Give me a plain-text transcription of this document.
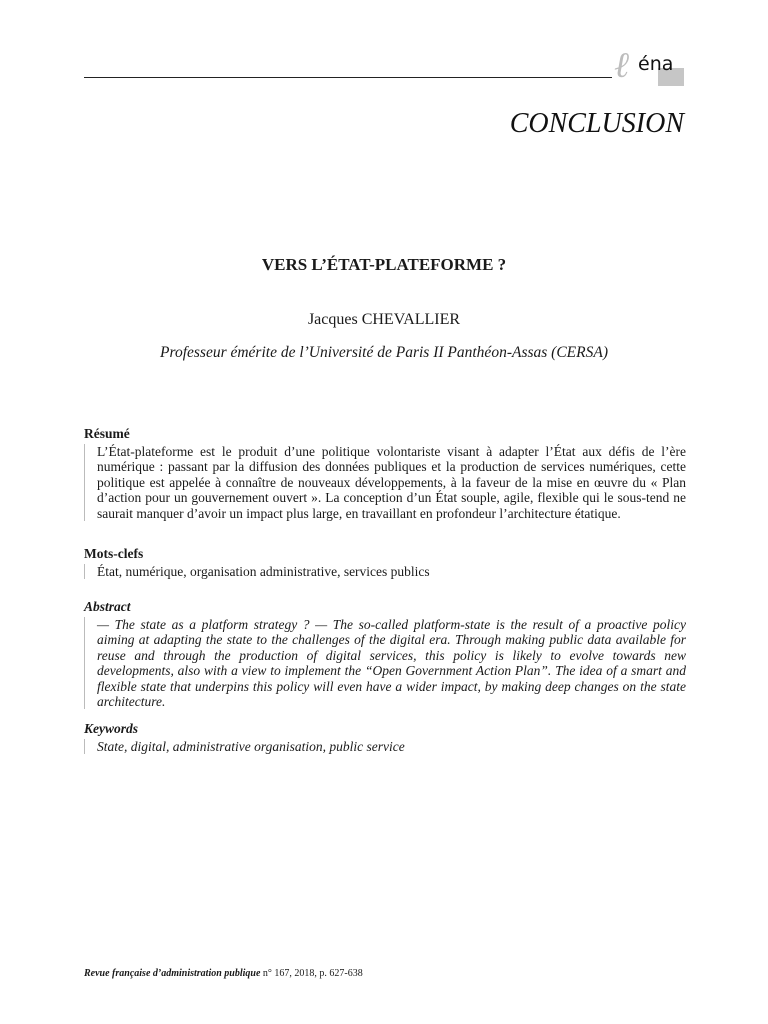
ℓ éna
CONCLUSION
VERS L’ÉTAT-PLATEFORME ?
Jacques CHEVALLIER
Professeur émérite de l’Université de Paris II Panthéon-Assas (CERSA)
Résumé
L’État-plateforme est le produit d’une politique volontariste visant à adapter l’État aux défis de l’ère numérique : passant par la diffusion des données publiques et la production de services numériques, cette politique est appelée à connaître de nouveaux développements, à la faveur de la mise en œuvre du « Plan d’action pour un gouvernement ouvert ». La conception d’un État souple, agile, flexible qui le sous-tend ne saurait manquer d’avoir un impact plus large, en travaillant en profondeur l’architecture étatique.
Mots-clefs
État, numérique, organisation administrative, services publics
Abstract
— The state as a platform strategy ? — The so-called platform-state is the result of a proactive policy aiming at adapting the state to the challenges of the digital era. Through making public data available for reuse and through the production of digital services, this policy is likely to evolve towards new developments, also with a view to implement the “Open Government Action Plan”. The idea of a smart and flexible state that underpins this policy will even have a wider impact, by making deep changes on the state architecture.
Keywords
State, digital, administrative organisation, public service
Revue française d’administration publique n° 167, 2018, p. 627-638
